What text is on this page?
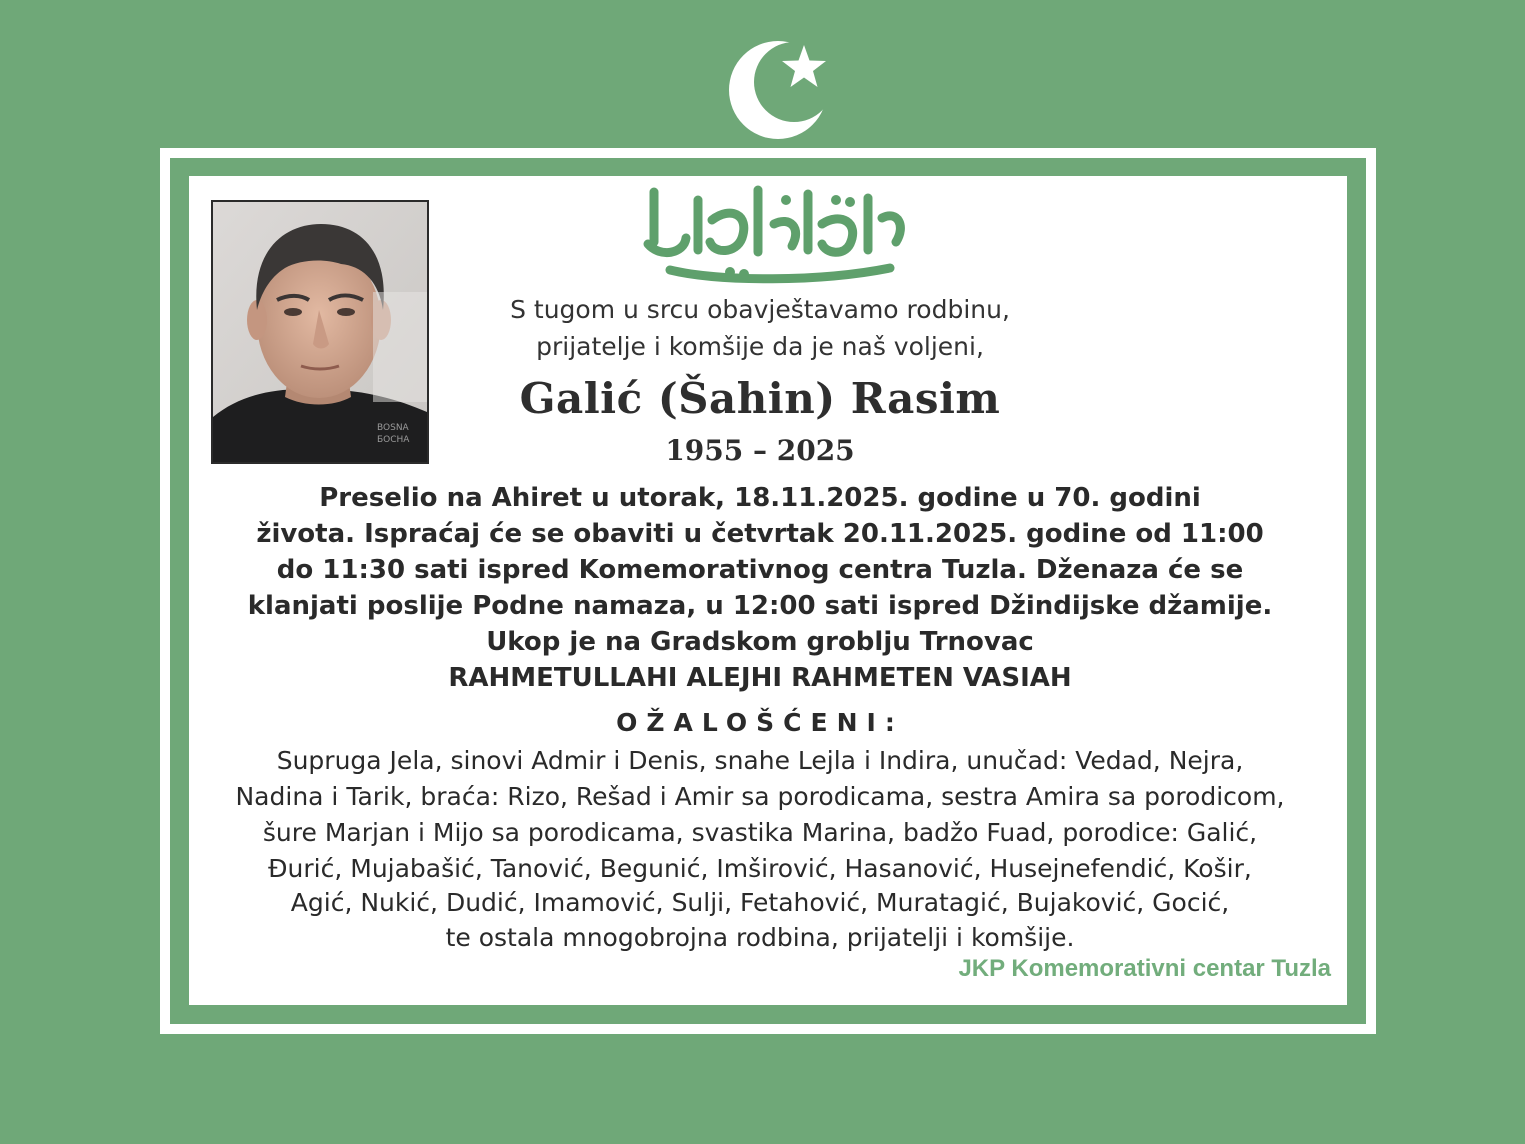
BOSNA
БОСНА
S tugom u srcu obavještavamo rodbinu,
prijatelje i komšije da je naš voljeni,
Galić (Šahin) Rasim
1955 – 2025
Preselio na Ahiret u utorak, 18.11.2025. godine u 70. godini
života. Ispraćaj će se obaviti u četvrtak 20.11.2025. godine od 11:00
do 11:30 sati ispred Komemorativnog centra Tuzla. Dženaza će se
klanjati poslije Podne namaza, u 12:00 sati ispred Džindijske džamije.
Ukop je na Gradskom groblju Trnovac
RAHMETULLAHI ALEJHI RAHMETEN VASIAH
OŽALOŠĆENI:
Supruga Jela, sinovi Admir i Denis, snahe Lejla i Indira, unučad: Vedad, Nejra,
Nadina i Tarik, braća: Rizo, Rešad i Amir sa porodicama, sestra Amira sa porodicom,
šure Marjan i Mijo sa porodicama, svastika Marina, badžo Fuad, porodice: Galić,
Đurić, Mujabašić, Tanović, Begunić, Imširović, Hasanović, Husejnefendić, Košir,
Agić, Nukić, Dudić, Imamović, Sulji, Fetahović, Muratagić, Bujaković, Gocić,
te ostala mnogobrojna rodbina, prijatelji i komšije.
JKP Komemorativni centar Tuzla
